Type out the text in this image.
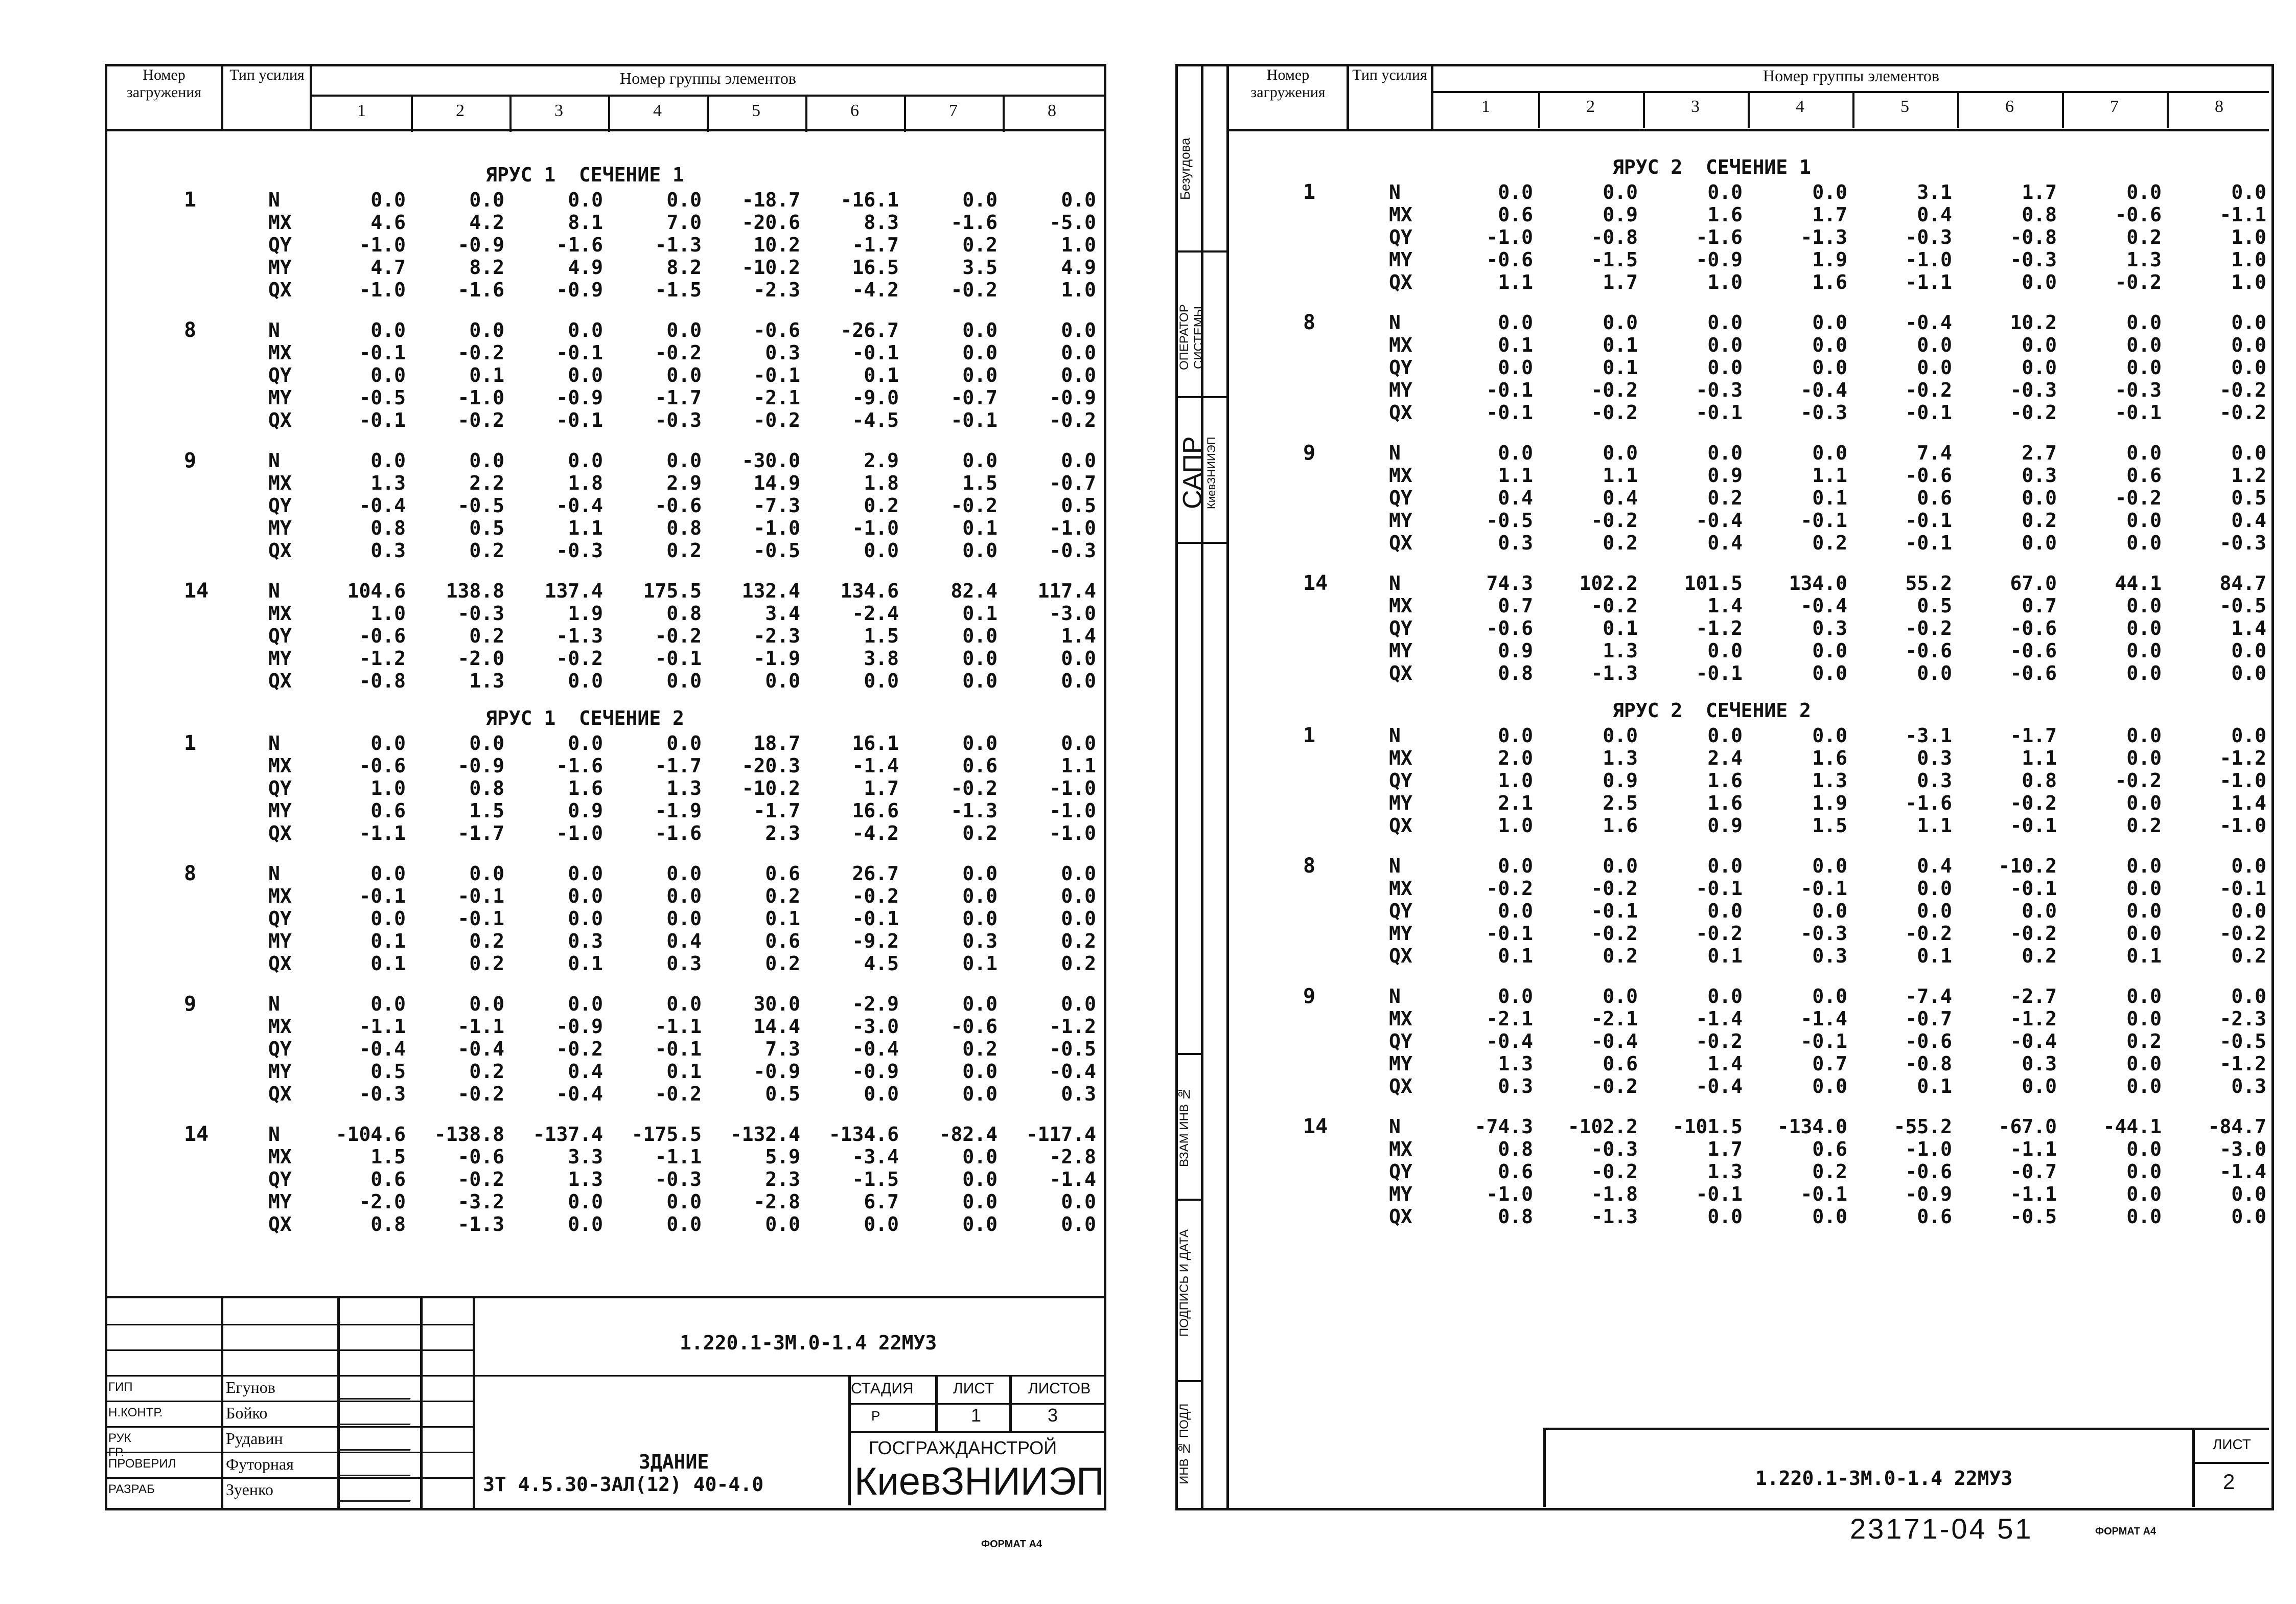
Номер загружения
Тип усилия	Номер группы элементов
1	2	3	4	5	6	7	8
ЯРУС 1  СЕЧЕНИЕ 1
1	N	0.0	0.0	0.0	0.0	-18.7	-16.1	0.0	0.0
MX	4.6	4.2	8.1	7.0	-20.6	8.3	-1.6	-5.0
QY	-1.0	-0.9	-1.6	-1.3	10.2	-1.7	0.2	1.0
MY	4.7	8.2	4.9	8.2	-10.2	16.5	3.5	4.9
QX	-1.0	-1.6	-0.9	-1.5	-2.3	-4.2	-0.2	1.0
8	N	0.0	0.0	0.0	0.0	-0.6	-26.7	0.0	0.0
MX	-0.1	-0.2	-0.1	-0.2	0.3	-0.1	0.0	0.0
QY	0.0	0.1	0.0	0.0	-0.1	0.1	0.0	0.0
MY	-0.5	-1.0	-0.9	-1.7	-2.1	-9.0	-0.7	-0.9
QX	-0.1	-0.2	-0.1	-0.3	-0.2	-4.5	-0.1	-0.2
9	N	0.0	0.0	0.0	0.0	-30.0	2.9	0.0	0.0
MX	1.3	2.2	1.8	2.9	14.9	1.8	1.5	-0.7
QY	-0.4	-0.5	-0.4	-0.6	-7.3	0.2	-0.2	0.5
MY	0.8	0.5	1.1	0.8	-1.0	-1.0	0.1	-1.0
QX	0.3	0.2	-0.3	0.2	-0.5	0.0	0.0	-0.3
14	N	104.6	138.8	137.4	175.5	132.4	134.6	82.4	117.4
MX	1.0	-0.3	1.9	0.8	3.4	-2.4	0.1	-3.0
QY	-0.6	0.2	-1.3	-0.2	-2.3	1.5	0.0	1.4
MY	-1.2	-2.0	-0.2	-0.1	-1.9	3.8	0.0	0.0
QX	-0.8	1.3	0.0	0.0	0.0	0.0	0.0	0.0
ЯРУС 1  СЕЧЕНИЕ 2
1	N	0.0	0.0	0.0	0.0	18.7	16.1	0.0	0.0
MX	-0.6	-0.9	-1.6	-1.7	-20.3	-1.4	0.6	1.1
QY	1.0	0.8	1.6	1.3	-10.2	1.7	-0.2	-1.0
MY	0.6	1.5	0.9	-1.9	-1.7	16.6	-1.3	-1.0
QX	-1.1	-1.7	-1.0	-1.6	2.3	-4.2	0.2	-1.0
8	N	0.0	0.0	0.0	0.0	0.6	26.7	0.0	0.0
MX	-0.1	-0.1	0.0	0.0	0.2	-0.2	0.0	0.0
QY	0.0	-0.1	0.0	0.0	0.1	-0.1	0.0	0.0
MY	0.1	0.2	0.3	0.4	0.6	-9.2	0.3	0.2
QX	0.1	0.2	0.1	0.3	0.2	4.5	0.1	0.2
9	N	0.0	0.0	0.0	0.0	30.0	-2.9	0.0	0.0
MX	-1.1	-1.1	-0.9	-1.1	14.4	-3.0	-0.6	-1.2
QY	-0.4	-0.4	-0.2	-0.1	7.3	-0.4	0.2	-0.5
MY	0.5	0.2	0.4	0.1	-0.9	-0.9	0.0	-0.4
QX	-0.3	-0.2	-0.4	-0.2	0.5	0.0	0.0	0.3
14	N	-104.6	-138.8	-137.4	-175.5	-132.4	-134.6	-82.4	-117.4
MX	1.5	-0.6	3.3	-1.1	5.9	-3.4	0.0	-2.8
QY	0.6	-0.2	1.3	-0.3	2.3	-1.5	0.0	-1.4
MY	-2.0	-3.2	0.0	0.0	-2.8	6.7	0.0	0.0
QX	0.8	-1.3	0.0	0.0	0.0	0.0	0.0	0.0
1.220.1-3М.0-1.4 22МУЗ
СТАДИЯ	ЛИСТ ЛИСТОВ
Р	1	3
ГОСГРАЖДАНСТРОЙ
КиевЗНИИЭП
ЗДАНИЕ
ЗТ 4.5.30-ЗАЛ(12) 40-4.0
ГИП	Егунов
Н.КОНТР.	Бойко
РУК ГР.
Рудавин
ПРОВЕРИЛ	Футорная
РАЗРАБ	Зуенко
ФОРМАТ А4
Номер загружения
Тип усилия	Номер группы элементов
1	2	3	4	5	6	7	8
ЯРУС 2  СЕЧЕНИЕ 1
1	N	0.0	0.0	0.0	0.0	3.1	1.7	0.0	0.0
MX	0.6	0.9	1.6	1.7	0.4	0.8	-0.6	-1.1
QY	-1.0	-0.8	-1.6	-1.3	-0.3	-0.8	0.2	1.0
MY	-0.6	-1.5	-0.9	1.9	-1.0	-0.3	1.3	1.0
QX	1.1	1.7	1.0	1.6	-1.1	0.0	-0.2	1.0
8	N	0.0	0.0	0.0	0.0	-0.4	10.2	0.0	0.0
MX	0.1	0.1	0.0	0.0	0.0	0.0	0.0	0.0
QY	0.0	0.1	0.0	0.0	0.0	0.0	0.0	0.0
MY	-0.1	-0.2	-0.3	-0.4	-0.2	-0.3	-0.3	-0.2
QX	-0.1	-0.2	-0.1	-0.3	-0.1	-0.2	-0.1	-0.2
9	N	0.0	0.0	0.0	0.0	7.4	2.7	0.0	0.0
MX	1.1	1.1	0.9	1.1	-0.6	0.3	0.6	1.2
QY	0.4	0.4	0.2	0.1	0.6	0.0	-0.2	0.5
MY	-0.5	-0.2	-0.4	-0.1	-0.1	0.2	0.0	0.4
QX	0.3	0.2	0.4	0.2	-0.1	0.0	0.0	-0.3
14	N	74.3	102.2	101.5	134.0	55.2	67.0	44.1	84.7
MX	0.7	-0.2	1.4	-0.4	0.5	0.7	0.0	-0.5
QY	-0.6	0.1	-1.2	0.3	-0.2	-0.6	0.0	1.4
MY	0.9	1.3	0.0	0.0	-0.6	-0.6	0.0	0.0
QX	0.8	-1.3	-0.1	0.0	0.0	-0.6	0.0	0.0
ЯРУС 2  СЕЧЕНИЕ 2
1	N	0.0	0.0	0.0	0.0	-3.1	-1.7	0.0	0.0
MX	2.0	1.3	2.4	1.6	0.3	1.1	0.0	-1.2
QY	1.0	0.9	1.6	1.3	0.3	0.8	-0.2	-1.0
MY	2.1	2.5	1.6	1.9	-1.6	-0.2	0.0	1.4
QX	1.0	1.6	0.9	1.5	1.1	-0.1	0.2	-1.0
8	N	0.0	0.0	0.0	0.0	0.4	-10.2	0.0	0.0
MX	-0.2	-0.2	-0.1	-0.1	0.0	-0.1	0.0	-0.1
QY	0.0	-0.1	0.0	0.0	0.0	0.0	0.0	0.0
MY	-0.1	-0.2	-0.2	-0.3	-0.2	-0.2	0.0	-0.2
QX	0.1	0.2	0.1	0.3	0.1	0.2	0.1	0.2
9	N	0.0	0.0	0.0	0.0	-7.4	-2.7	0.0	0.0
MX	-2.1	-2.1	-1.4	-1.4	-0.7	-1.2	0.0	-2.3
QY	-0.4	-0.4	-0.2	-0.1	-0.6	-0.4	0.2	-0.5
MY	1.3	0.6	1.4	0.7	-0.8	0.3	0.0	-1.2
QX	0.3	-0.2	-0.4	0.0	0.1	0.0	0.0	0.3
14	N	-74.3	-102.2	-101.5	-134.0	-55.2	-67.0	-44.1	-84.7
MX	0.8	-0.3	1.7	0.6	-1.0	-1.1	0.0	-3.0
QY	0.6	-0.2	1.3	0.2	-0.6	-0.7	0.0	-1.4
MY	-1.0	-1.8	-0.1	-0.1	-0.9	-1.1	0.0	0.0
QX	0.8	-1.3	0.0	0.0	0.6	-0.5	0.0	0.0
Безугдова
ОПЕРАТОР СИСТЕМЫ
САПР
КиевЗНИИЭП
ВЗАМ ИНВ №
ПОДПИСЬ И ДАТА
ИНВ № ПОДЛ	1.220.1-3М.0-1.4 22МУЗ
ЛИСТ
2
23171-04 51	ФОРМАТ А4
